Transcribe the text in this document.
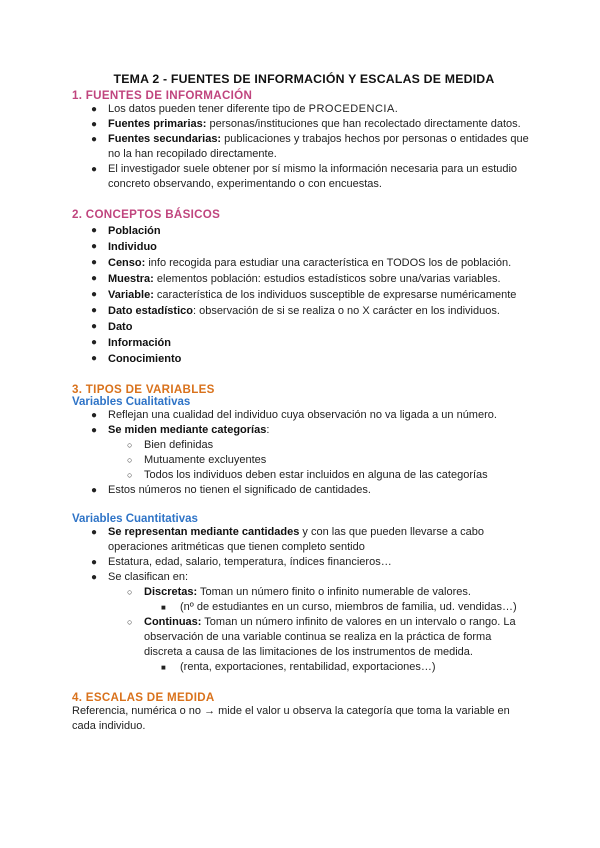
TEMA 2 - FUENTES DE INFORMACIÓN Y ESCALAS DE MEDIDA
1. FUENTES DE INFORMACIÓN
● Los datos pueden tener diferente tipo de PROCEDENCIA.
● Fuentes primarias: personas/instituciones que han recolectado directamente datos.
● Fuentes secundarias: publicaciones y trabajos hechos por personas o entidades que no la han recopilado directamente.
● El investigador suele obtener por sí mismo la información necesaria para un estudio concreto observando, experimentando o con encuestas.
2. CONCEPTOS BÁSICOS
● Población
● Individuo
● Censo: info recogida para estudiar una característica en TODOS los de población.
● Muestra: elementos población: estudios estadísticos sobre una/varias variables.
● Variable: característica de los individuos susceptible de expresarse numéricamente
● Dato estadístico: observación de si se realiza o no X carácter en los individuos.
● Dato
● Información
● Conocimiento
3. TIPOS DE VARIABLES
Variables Cualitativas
● Reflejan una cualidad del individuo cuya observación no va ligada a un número.
● Se miden mediante categorías:
○ Bien definidas
○ Mutuamente excluyentes
○ Todos los individuos deben estar incluidos en alguna de las categorías
● Estos números no tienen el significado de cantidades.
Variables Cuantitativas
● Se representan mediante cantidades y con las que pueden llevarse a cabo operaciones aritméticas que tienen completo sentido
● Estatura, edad, salario, temperatura, índices financieros…
● Se clasifican en:
○ Discretas: Toman un número finito o infinito numerable de valores.
■ (nº de estudiantes en un curso, miembros de familia, ud. vendidas…)
○ Continuas: Toman un número infinito de valores en un intervalo o rango. La observación de una variable continua se realiza en la práctica de forma discreta a causa de las limitaciones de los instrumentos de medida.
■ (renta, exportaciones, rentabilidad, exportaciones…)
4. ESCALAS DE MEDIDA
Referencia, numérica o no → mide el valor u observa la categoría que toma la variable en cada individuo.
